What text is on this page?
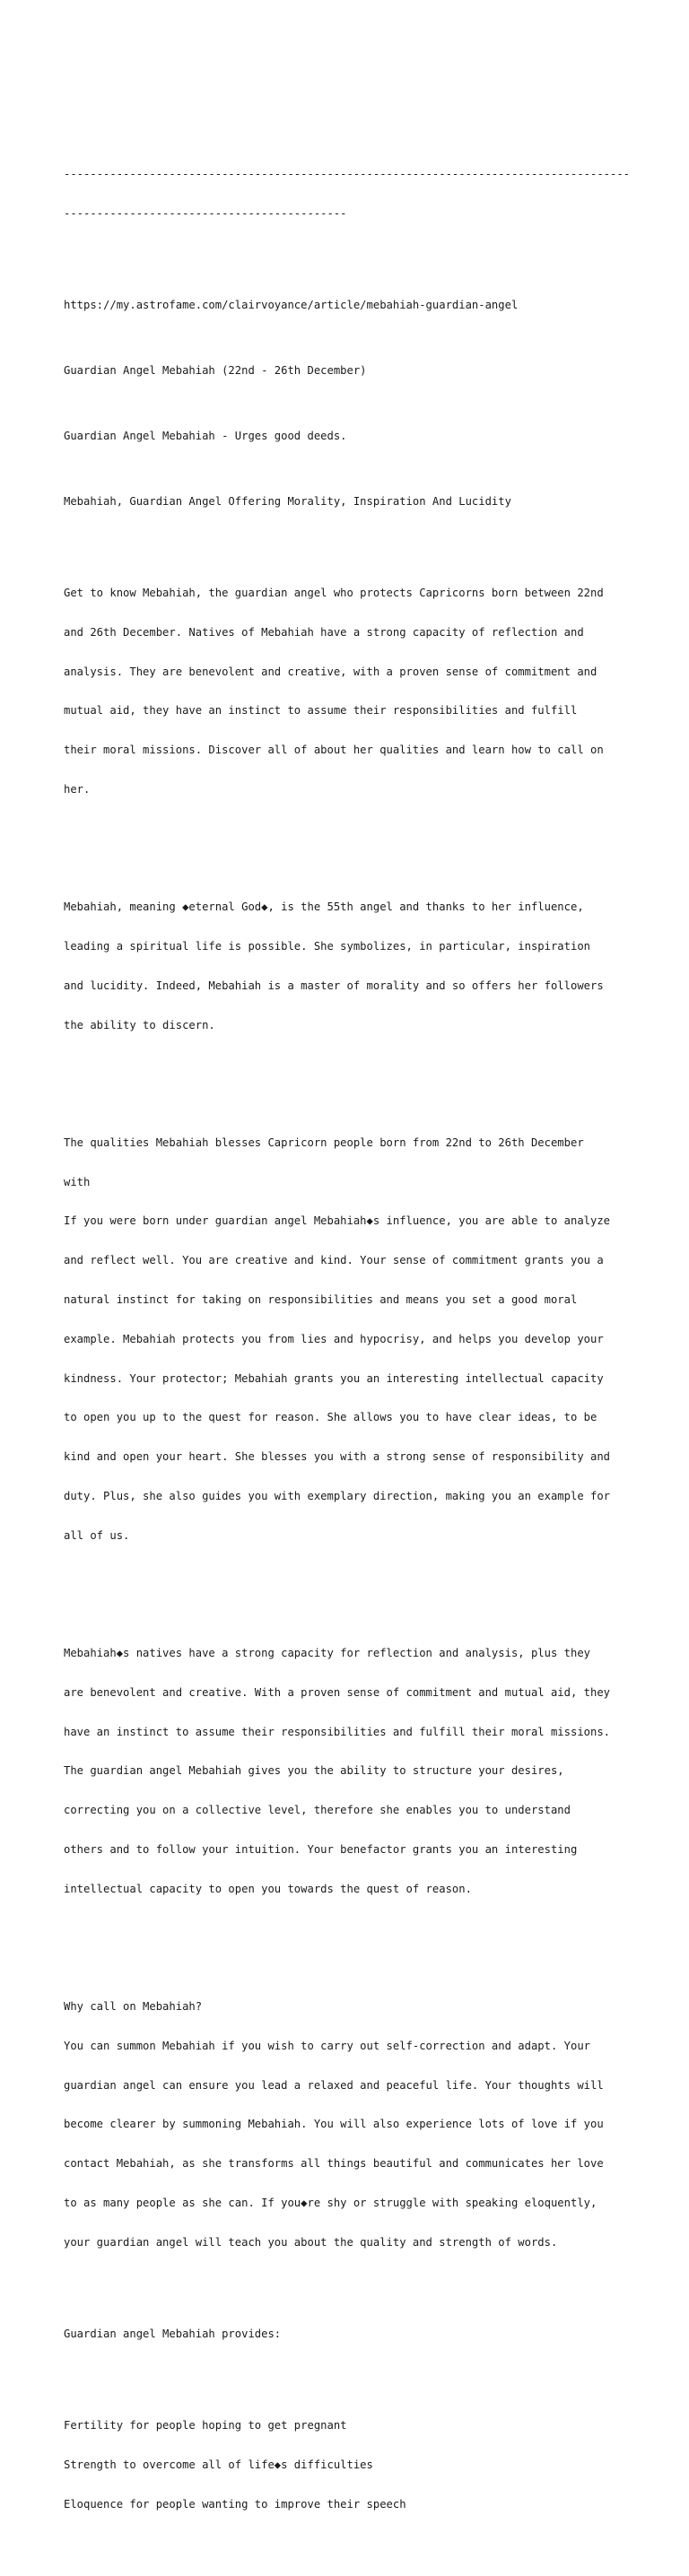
--------------------------------------------------------------------------------------

-------------------------------------------

https://my.astrofame.com/clairvoyance/article/mebahiah-guardian-angel

Guardian Angel Mebahiah (22nd - 26th December)

Guardian Angel Mebahiah - Urges good deeds.

Mebahiah, Guardian Angel Offering Morality, Inspiration And Lucidity

Get to know Mebahiah, the guardian angel who protects Capricorns born between 22nd

and 26th December. Natives of Mebahiah have a strong capacity of reflection and

analysis. They are benevolent and creative, with a proven sense of commitment and

mutual aid, they have an instinct to assume their responsibilities and fulfill

their moral missions. Discover all of about her qualities and learn how to call on

her.

Mebahiah, meaning ◆eternal God◆, is the 55th angel and thanks to her influence,

leading a spiritual life is possible. She symbolizes, in particular, inspiration

and lucidity. Indeed, Mebahiah is a master of morality and so offers her followers

the ability to discern.

The qualities Mebahiah blesses Capricorn people born from 22nd to 26th December

with

If you were born under guardian angel Mebahiah◆s influence, you are able to analyze

and reflect well. You are creative and kind. Your sense of commitment grants you a

natural instinct for taking on responsibilities and means you set a good moral

example. Mebahiah protects you from lies and hypocrisy, and helps you develop your

kindness. Your protector; Mebahiah grants you an interesting intellectual capacity

to open you up to the quest for reason. She allows you to have clear ideas, to be

kind and open your heart. She blesses you with a strong sense of responsibility and

duty. Plus, she also guides you with exemplary direction, making you an example for

all of us.

Mebahiah◆s natives have a strong capacity for reflection and analysis, plus they

are benevolent and creative. With a proven sense of commitment and mutual aid, they

have an instinct to assume their responsibilities and fulfill their moral missions.

The guardian angel Mebahiah gives you the ability to structure your desires,

correcting you on a collective level, therefore she enables you to understand

others and to follow your intuition. Your benefactor grants you an interesting

intellectual capacity to open you towards the quest of reason.

Why call on Mebahiah?

You can summon Mebahiah if you wish to carry out self-correction and adapt. Your

guardian angel can ensure you lead a relaxed and peaceful life. Your thoughts will

become clearer by summoning Mebahiah. You will also experience lots of love if you

contact Mebahiah, as she transforms all things beautiful and communicates her love

to as many people as she can. If you◆re shy or struggle with speaking eloquently,

your guardian angel will teach you about the quality and strength of words.

Guardian angel Mebahiah provides:

Fertility for people hoping to get pregnant

Strength to overcome all of life◆s difficulties

Eloquence for people wanting to improve their speech
